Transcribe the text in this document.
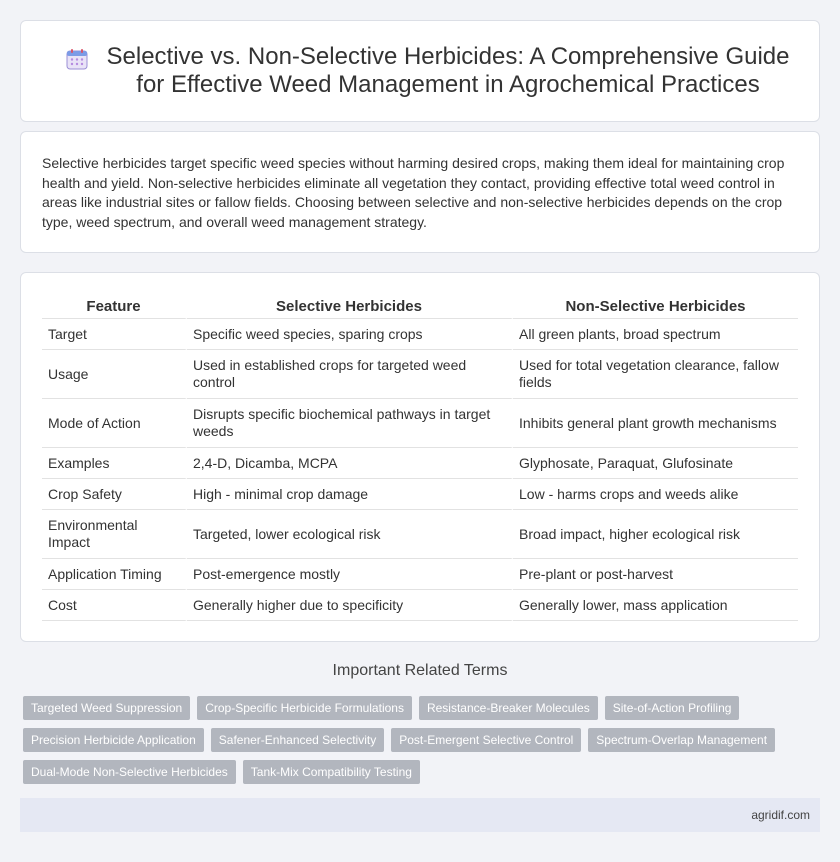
Selective vs. Non-Selective Herbicides: A Comprehensive Guide for Effective Weed Management in Agrochemical Practices

Selective herbicides target specific weed species without harming desired crops, making them ideal for maintaining crop health and yield. Non-selective herbicides eliminate all vegetation they contact, providing effective total weed control in areas like industrial sites or fallow fields. Choosing between selective and non-selective herbicides depends on the crop type, weed spectrum, and overall weed management strategy.

Feature	Selective Herbicides	Non-Selective Herbicides
Target	Specific weed species, sparing crops	All green plants, broad spectrum
Usage	Used in established crops for targeted weed control	Used for total vegetation clearance, fallow fields
Mode of Action	Disrupts specific biochemical pathways in target weeds	Inhibits general plant growth mechanisms
Examples	2,4-D, Dicamba, MCPA	Glyphosate, Paraquat, Glufosinate
Crop Safety	High - minimal crop damage	Low - harms crops and weeds alike
Environmental Impact	Targeted, lower ecological risk	Broad impact, higher ecological risk
Application Timing	Post-emergence mostly	Pre-plant or post-harvest
Cost	Generally higher due to specificity	Generally lower, mass application
Important Related Terms
Targeted Weed Suppression	Crop-Specific Herbicide Formulations	Resistance-Breaker Molecules	Site-of-Action Profiling
Precision Herbicide Application	Safener-Enhanced Selectivity	Post-Emergent Selective Control	Spectrum-Overlap Management
Dual-Mode Non-Selective Herbicides	Tank-Mix Compatibility Testing
agridif.com
